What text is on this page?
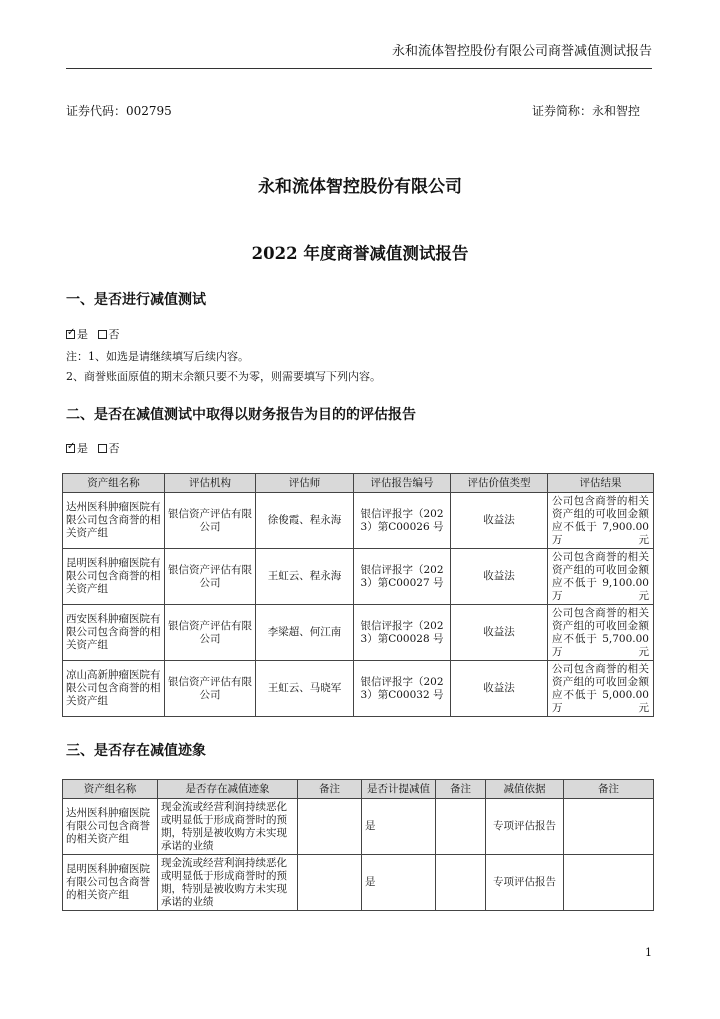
永和流体智控股份有限公司商誉减值测试报告
证券代码：002795	证券简称：永和智控
永和流体智控股份有限公司
2022 年度商誉减值测试报告
一、是否进行减值测试
✓是 否
注：1、如选是请继续填写后续内容。
2、商誉账面原值的期末余额只要不为零，则需要填写下列内容。
二、是否在减值测试中取得以财务报告为目的的评估报告
✓是 否
资产组名称	评估机构	评估师	评估报告编号	评估价值类型	评估结果
达州医科肿瘤医院有限公司包含商誉的相关资产组	银信资产评估有限公司	徐俊霞、程永海	银信评报字（2023）第C00026 号	收益法	公司包含商誉的相关资产组的可收回金额应不低于 7,900.00 万元
昆明医科肿瘤医院有限公司包含商誉的相关资产组	银信资产评估有限公司	王虹云、程永海	银信评报字（2023）第C00027 号	收益法	公司包含商誉的相关资产组的可收回金额应不低于 9,100.00 万元
西安医科肿瘤医院有限公司包含商誉的相关资产组	银信资产评估有限公司	李梁超、何江南	银信评报字（2023）第C00028 号	收益法	公司包含商誉的相关资产组的可收回金额应不低于 5,700.00 万元
凉山高新肿瘤医院有限公司包含商誉的相关资产组	银信资产评估有限公司	王虹云、马晓军	银信评报字（2023）第C00032 号	收益法	公司包含商誉的相关资产组的可收回金额应不低于 5,000.00 万元
三、是否存在减值迹象
资产组名称	是否存在减值迹象	备注	是否计提减值	备注	减值依据	备注
达州医科肿瘤医院有限公司包含商誉的相关资产组	现金流或经营利润持续恶化或明显低于形成商誉时的预期，特别是被收购方未实现承诺的业绩		是		专项评估报告	
昆明医科肿瘤医院有限公司包含商誉的相关资产组	现金流或经营利润持续恶化或明显低于形成商誉时的预期，特别是被收购方未实现承诺的业绩		是		专项评估报告	
1
